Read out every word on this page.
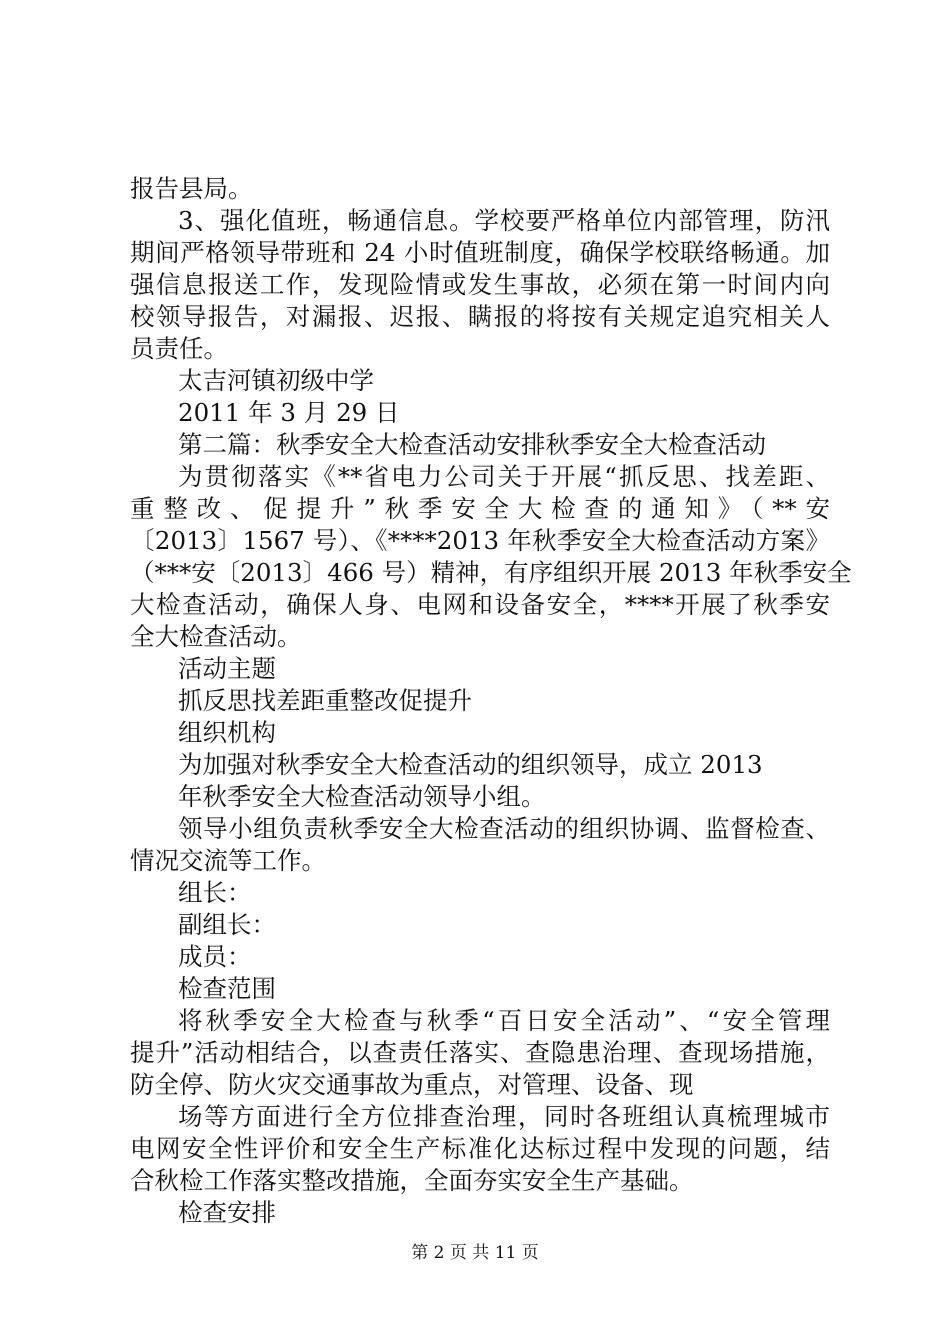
报告县局。
3、强化值班，畅通信息。学校要严格单位内部管理，防汛
期间严格领导带班和 24 小时值班制度，确保学校联络畅通。加
强信息报送工作，发现险情或发生事故，必须在第一时间内向
校领导报告，对漏报、迟报、瞒报的将按有关规定追究相关人
员责任。
太吉河镇初级中学
2011 年 3 月 29 日
第二篇：秋季安全大检查活动安排秋季安全大检查活动
为贯彻落实《**省电力公司关于开展“抓反思、找差距、
重整改、促提升”秋季安全大检查的通知》（**安
〔2013〕1567 号）、《****2013 年秋季安全大检查活动方案》
（***安〔2013〕466 号）精神，有序组织开展 2013 年秋季安全
大检查活动，确保人身、电网和设备安全，****开展了秋季安
全大检查活动。
活动主题
抓反思找差距重整改促提升
组织机构
为加强对秋季安全大检查活动的组织领导，成立 2013
年秋季安全大检查活动领导小组。
领导小组负责秋季安全大检查活动的组织协调、监督检查、
情况交流等工作。
组长：
副组长：
成员：
检查范围
将秋季安全大检查与秋季“百日安全活动”、“安全管理
提升”活动相结合，以查责任落实、查隐患治理、查现场措施，
防全停、防火灾交通事故为重点，对管理、设备、现
场等方面进行全方位排查治理，同时各班组认真梳理城市
电网安全性评价和安全生产标准化达标过程中发现的问题，结
合秋检工作落实整改措施，全面夯实安全生产基础。
检查安排
第 2 页 共 11 页
